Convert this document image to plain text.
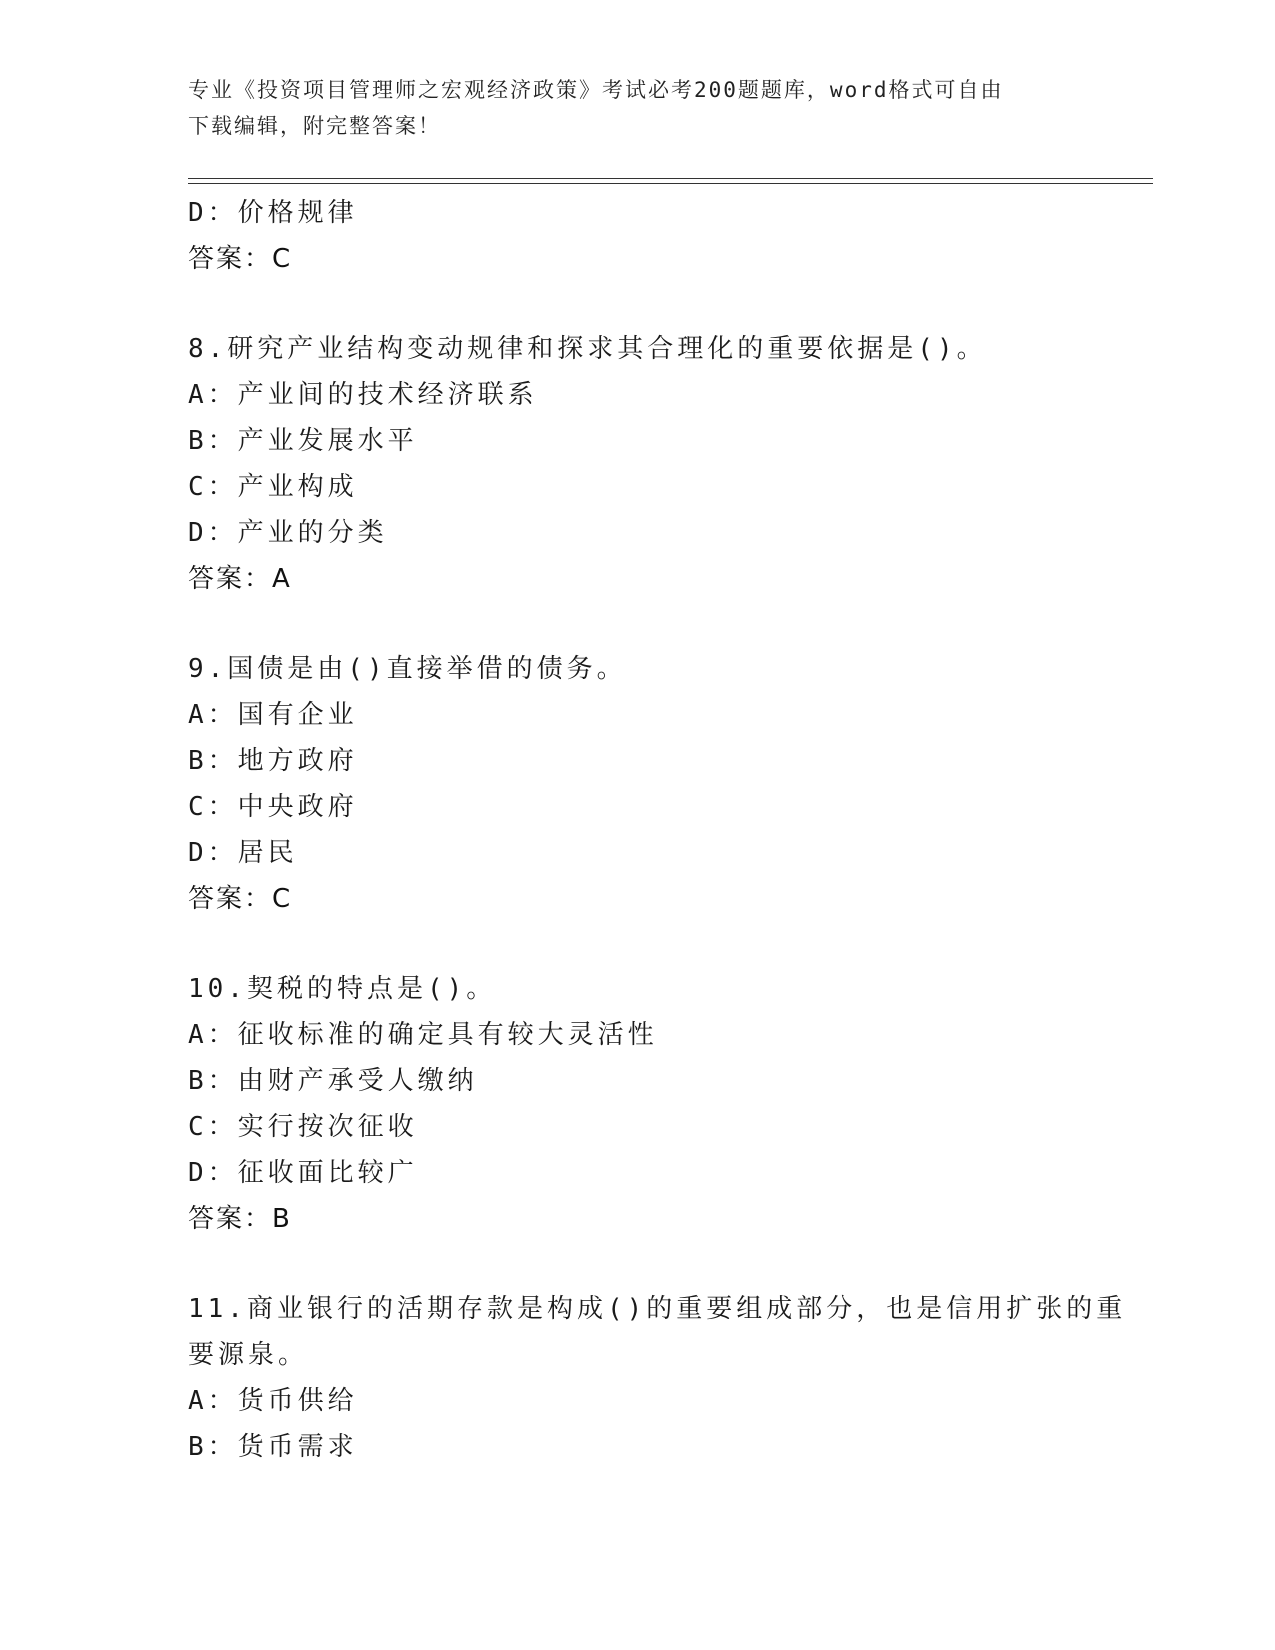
专业《投资项目管理师之宏观经济政策》考试必考200题题库，word格式可自由
下载编辑，附完整答案！
D：价格规律
答案：C
8.研究产业结构变动规律和探求其合理化的重要依据是()。
A：产业间的技术经济联系
B：产业发展水平
C：产业构成
D：产业的分类
答案：A
9.国债是由()直接举借的债务。
A：国有企业
B：地方政府
C：中央政府
D：居民
答案：C
10.契税的特点是()。
A：征收标准的确定具有较大灵活性
B：由财产承受人缴纳
C：实行按次征收
D：征收面比较广
答案：B
11.商业银行的活期存款是构成()的重要组成部分，也是信用扩张的重
要源泉。
A：货币供给
B：货币需求
